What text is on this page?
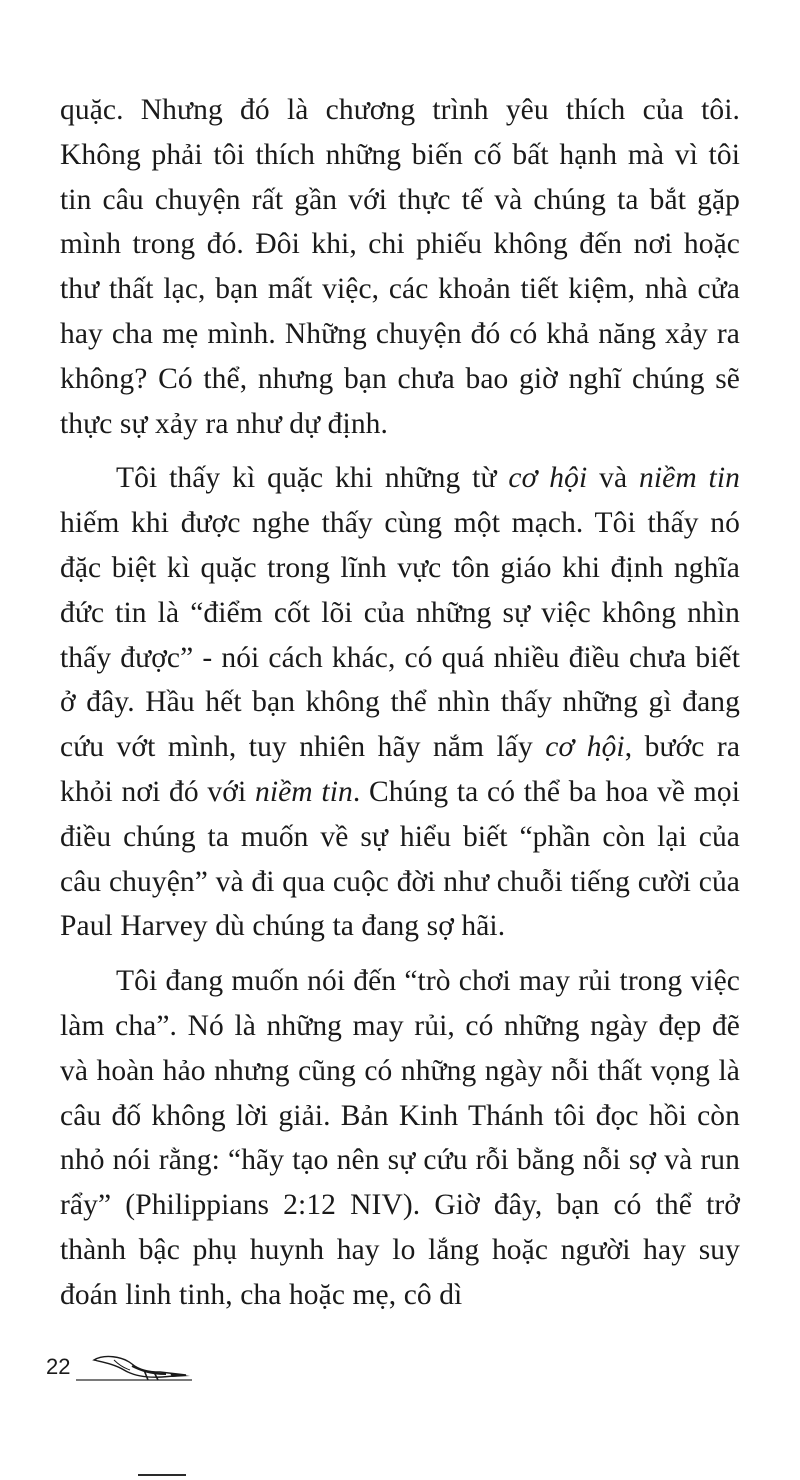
quặc. Nhưng đó là chương trình yêu thích của tôi. Không phải tôi thích những biến cố bất hạnh mà vì tôi tin câu chuyện rất gần với thực tế và chúng ta bắt gặp mình trong đó. Đôi khi, chi phiếu không đến nơi hoặc thư thất lạc, bạn mất việc, các khoản tiết kiệm, nhà cửa hay cha mẹ mình. Những chuyện đó có khả năng xảy ra không? Có thể, nhưng bạn chưa bao giờ nghĩ chúng sẽ thực sự xảy ra như dự định.

Tôi thấy kì quặc khi những từ cơ hội và niềm tin hiếm khi được nghe thấy cùng một mạch. Tôi thấy nó đặc biệt kì quặc trong lĩnh vực tôn giáo khi định nghĩa đức tin là “điểm cốt lõi của những sự việc không nhìn thấy được” - nói cách khác, có quá nhiều điều chưa biết ở đây. Hầu hết bạn không thể nhìn thấy những gì đang cứu vớt mình, tuy nhiên hãy nắm lấy cơ hội, bước ra khỏi nơi đó với niềm tin. Chúng ta có thể ba hoa về mọi điều chúng ta muốn về sự hiểu biết “phần còn lại của câu chuyện” và đi qua cuộc đời như chuỗi tiếng cười của Paul Harvey dù chúng ta đang sợ hãi.

Tôi đang muốn nói đến “trò chơi may rủi trong việc làm cha”. Nó là những may rủi, có những ngày đẹp đẽ và hoàn hảo nhưng cũng có những ngày nỗi thất vọng là câu đố không lời giải. Bản Kinh Thánh tôi đọc hồi còn nhỏ nói rằng: “hãy tạo nên sự cứu rỗi bằng nỗi sợ và run rẩy” (Philippians 2:12 NIV). Giờ đây, bạn có thể trở thành bậc phụ huynh hay lo lắng hoặc người hay suy đoán linh tinh, cha hoặc mẹ, cô dì

22
